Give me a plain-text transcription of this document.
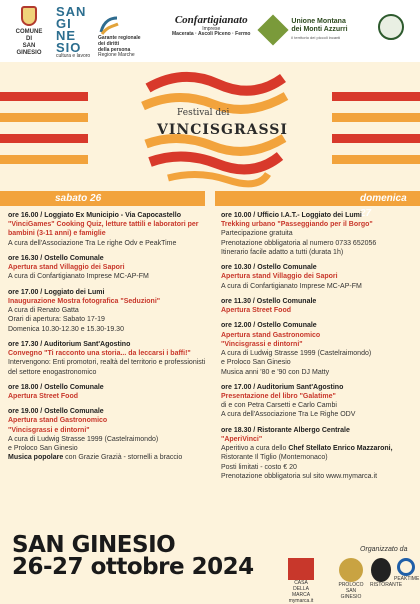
COMUNE DI
SAN GINESIO
SAN
GI
NE
SIO
cultura e lavoro
Garante regionale
dei diritti
della persona
Regione Marche
Confartigianato
Imprese
Macerata · Ascoli Piceno · Fermo
Unione Montana
dei Monti Azzurri
il territorio dei piccoli incanti
Festival dei
VINCISGRASSI
sabato 26	domenica 27
ore 16.00 / Loggiato Ex Municipio - Via Capocastello
"VinciGames" Cooking Quiz, letture tattili e laboratori per bambini (3-11 anni) e famiglie
A cura dell'Associazione Tra Le righe Odv e PeakTime
ore 16.30 / Ostello Comunale
Apertura stand Villaggio dei Sapori
A cura di Confartigianato Imprese MC-AP-FM
ore 17.00 / Loggiato dei Lumi
Inaugurazione Mostra fotografica "Seduzioni"
A cura di Renato Gatta
Orari di apertura: Sabato 17-19
Domenica 10.30-12.30 e 15.30-19.30
ore 17.30 / Auditorium Sant'Agostino
Convegno "Ti racconto una storia... da leccarsi i baffi!"
Intervengono: Enti promotori, realtà del territorio e professionisti del settore enogastronomico
ore 18.00 / Ostello Comunale
Apertura Street Food
ore 19.00 / Ostello Comunale
Apertura stand Gastronomico
"Vincisgrassi e dintorni"
A cura di Ludwig Strasse 1999 (Castelraimondo)
e Proloco San Ginesio
Musica popolare con Grazie Grazià - stornelli a braccio
ore 10.00 / Ufficio I.A.T.- Loggiato dei Lumi
Trekking urbano "Passeggiando per il Borgo"
Partecipazione gratuita
Prenotazione obbligatoria al numero 0733 652056
Itinerario facile adatto a tutti (durata 1h)
ore 10.30 / Ostello Comunale
Apertura stand Villaggio dei Sapori
A cura di Confartigianato Imprese MC-AP-FM
ore 11.30 / Ostello Comunale
Apertura Street Food
ore 12.00 / Ostello Comunale
Apertura stand Gastronomico
"Vincisgrassi e dintorni"
A cura di Ludwig Strasse 1999 (Castelraimondo)
e Proloco San Ginesio
Musica anni '80 e '90 con DJ Matty
ore 17.00 / Auditorium Sant'Agostino
Presentazione del libro "Galatime"
di e con Petra Carsetti e Carlo Cambi
A cura dell'Associazione Tra Le Righe ODV
ore 18.30 / Ristorante Albergo Centrale
"AperiVinci"
Aperitivo a cura dello Chef Stellato Enrico Mazzaroni, Ristorante Il Tiglio (Montemonaco)
Posti limitati - costo € 20
Prenotazione obbligatoria sul sito www.mymarca.it
SAN GINESIO
26-27 ottobre 2024
Organizzato da
CASA DELLA MARCA
mymarca.it
PROLOCO SAN GINESIO
RISTORANTE
PEAKTIME
